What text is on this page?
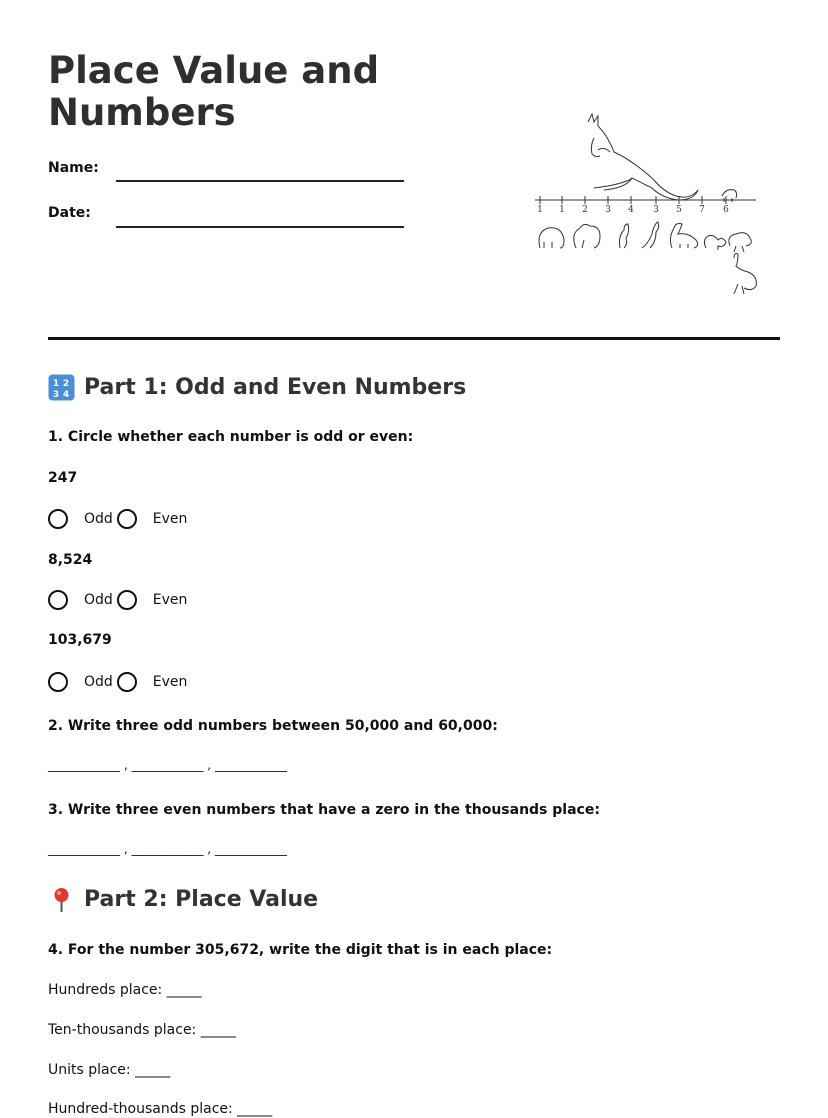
Place Value and
Numbers
Name:
Date:	1 1 2 3 4 3 5 7 6
1 2
3 4 Part 1: Odd and Even Numbers

1. Circle whether each number is odd or even:

247
Odd	Even
8,524
Odd	Even
103,679
Odd	Even

2. Write three odd numbers between 50,000 and 60,000:

____________ , ____________ , ____________

3. Write three even numbers that have a zero in the thousands place:

____________ , ____________ , ____________
Part 2: Place Value

4. For the number 305,672, write the digit that is in each place:

Hundreds place: _____
Ten-thousands place: _____
Units place: _____
Hundred-thousands place: _____
